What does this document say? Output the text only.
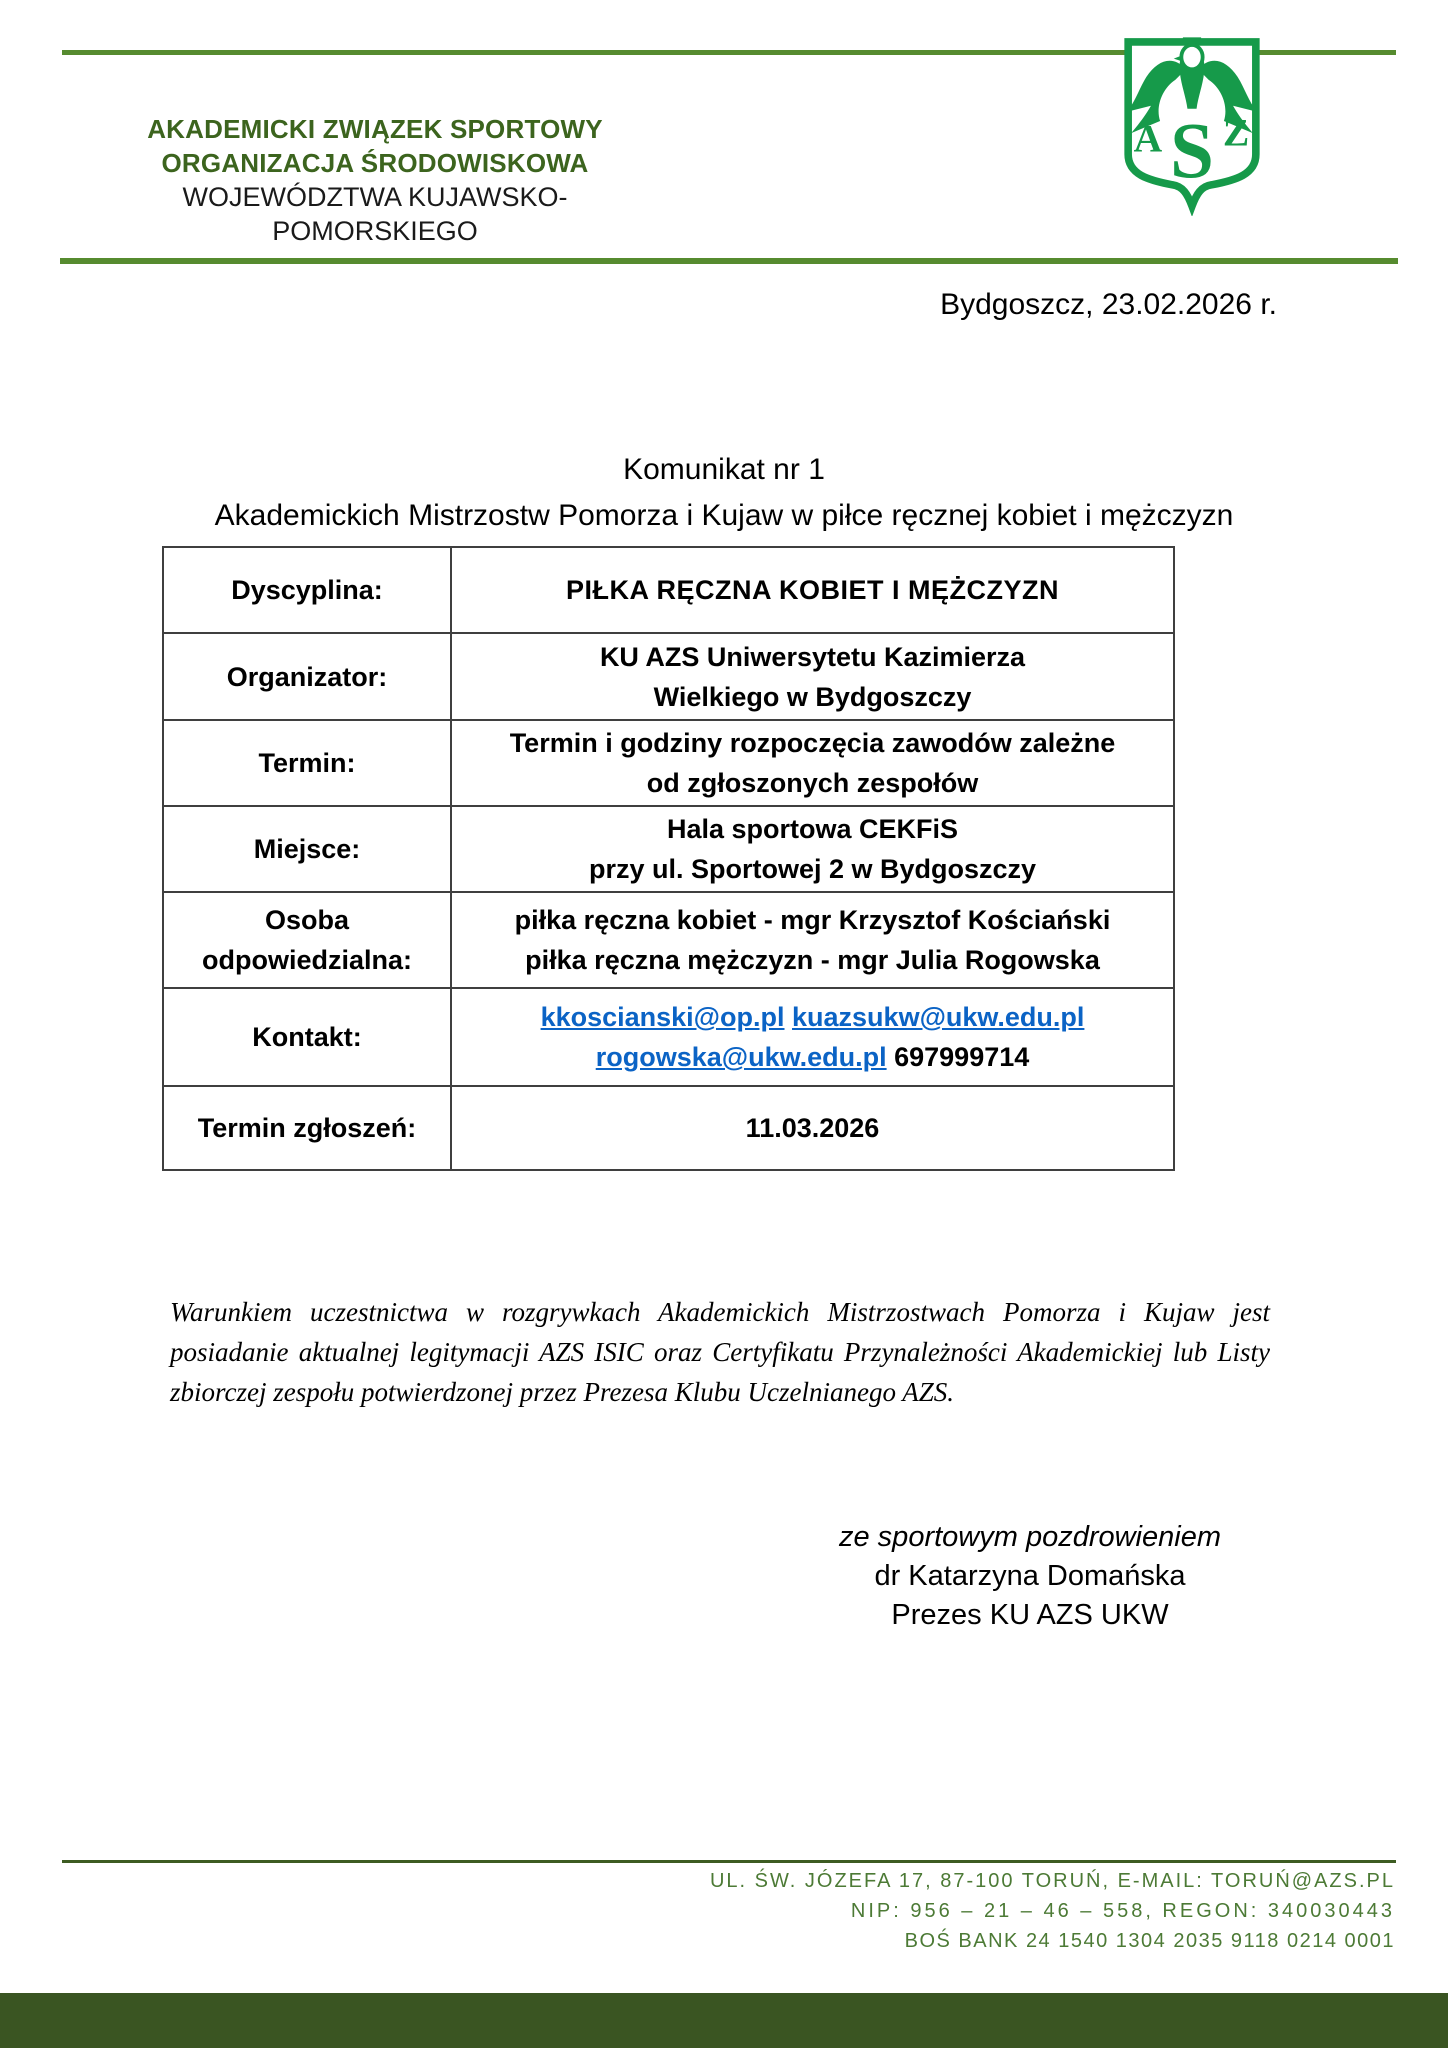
AKADEMICKI ZWIĄZEK SPORTOWY
ORGANIZACJA ŚRODOWISKOWA
WOJEWÓDZTWA KUJAWSKO-POMORSKIEGO
A S Z
Bydgoszcz, 23.02.2026 r.
Komunikat nr 1
Akademickich Mistrzostw Pomorza i Kujaw w piłce ręcznej kobiet i mężczyzn
Dyscyplina:	PIŁKA RĘCZNA KOBIET I MĘŻCZYZN
Organizator:	KU AZS Uniwersytetu Kazimierza
Wielkiego w Bydgoszczy

Termin:	Termin i godziny rozpoczęcia zawodów zależne
od zgłoszonych zespołów

Miejsce:	Hala sportowa CEKFiS
przy ul. Sportowej 2 w Bydgoszczy

Osoba odpowiedzialna:	piłka ręczna kobiet - mgr Krzysztof Kościański
piłka ręczna mężczyzn - mgr Julia Rogowska

Kontakt:	kkoscianski@op.pl kuazsukw@ukw.edu.pl
rogowska@ukw.edu.pl 697999714

Termin zgłoszeń:	11.03.2026
Warunkiem uczestnictwa w rozgrywkach Akademickich Mistrzostwach Pomorza i Kujaw jest posiadanie aktualnej legitymacji AZS ISIC oraz Certyfikatu Przynależności Akademickiej lub Listy zbiorczej zespołu potwierdzonej przez Prezesa Klubu Uczelnianego AZS.
ze sportowym pozdrowieniem
dr Katarzyna Domańska
Prezes KU AZS UKW
UL. ŚW. JÓZEFA 17, 87-100 TORUŃ, E-MAIL: TORUŃ@AZS.PL
NIP: 956 – 21 – 46 – 558, REGON: 340030443
BOŚ BANK 24 1540 1304 2035 9118 0214 0001
